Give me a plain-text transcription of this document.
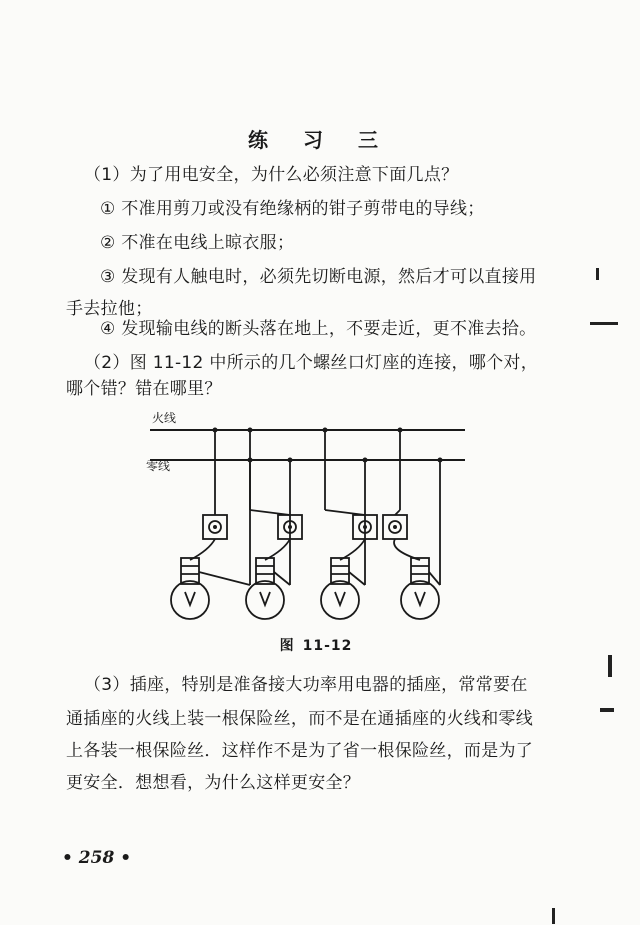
练 习 三
（1）为了用电安全，为什么必须注意下面几点？
① 不准用剪刀或没有绝缘柄的钳子剪带电的导线；
② 不准在电线上晾衣服；
③ 发现有人触电时，必须先切断电源，然后才可以直接用
手去拉他；
④ 发现输电线的断头落在地上，不要走近，更不准去拾。
（2）图 11-12 中所示的几个螺丝口灯座的连接，哪个对，
哪个错？错在哪里？
火线
零线
图 11-12
（3）插座，特别是准备接大功率用电器的插座，常常要在
通插座的火线上装一根保险丝，而不是在通插座的火线和零线
上各装一根保险丝．这样作不是为了省一根保险丝，而是为了
更安全．想想看，为什么这样更安全？
• 258 •
